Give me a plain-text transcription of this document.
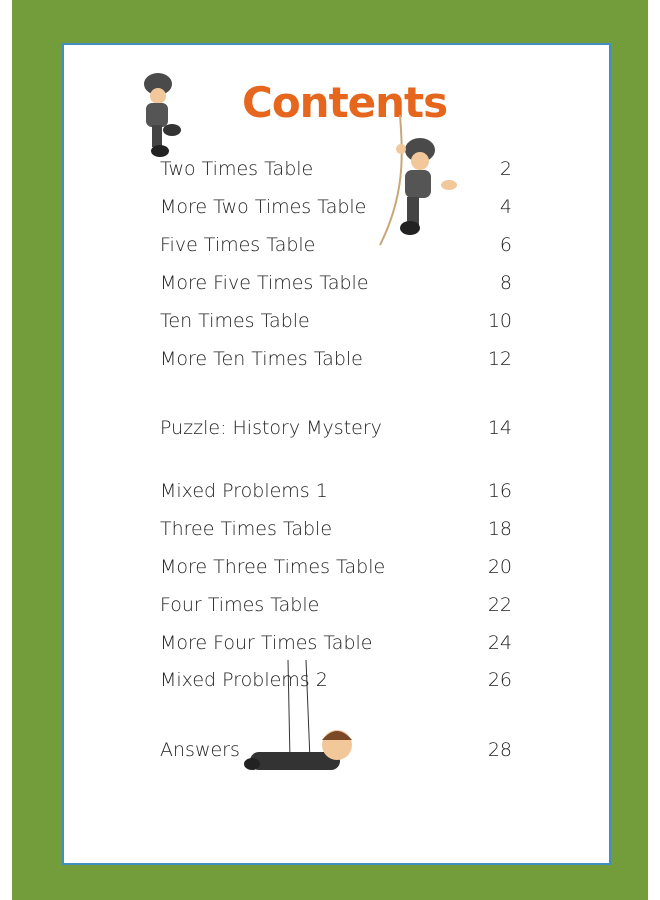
Contents
Two Times Table	2
More Two Times Table	4
Five Times Table	6
More Five Times Table	8
Ten Times Table	10
More Ten Times Table	12
Puzzle: History Mystery	14
Mixed Problems 1	16
Three Times Table	18
More Three Times Table	20
Four Times Table	22
More Four Times Table	24
Mixed Problems 2	26
Answers	28
